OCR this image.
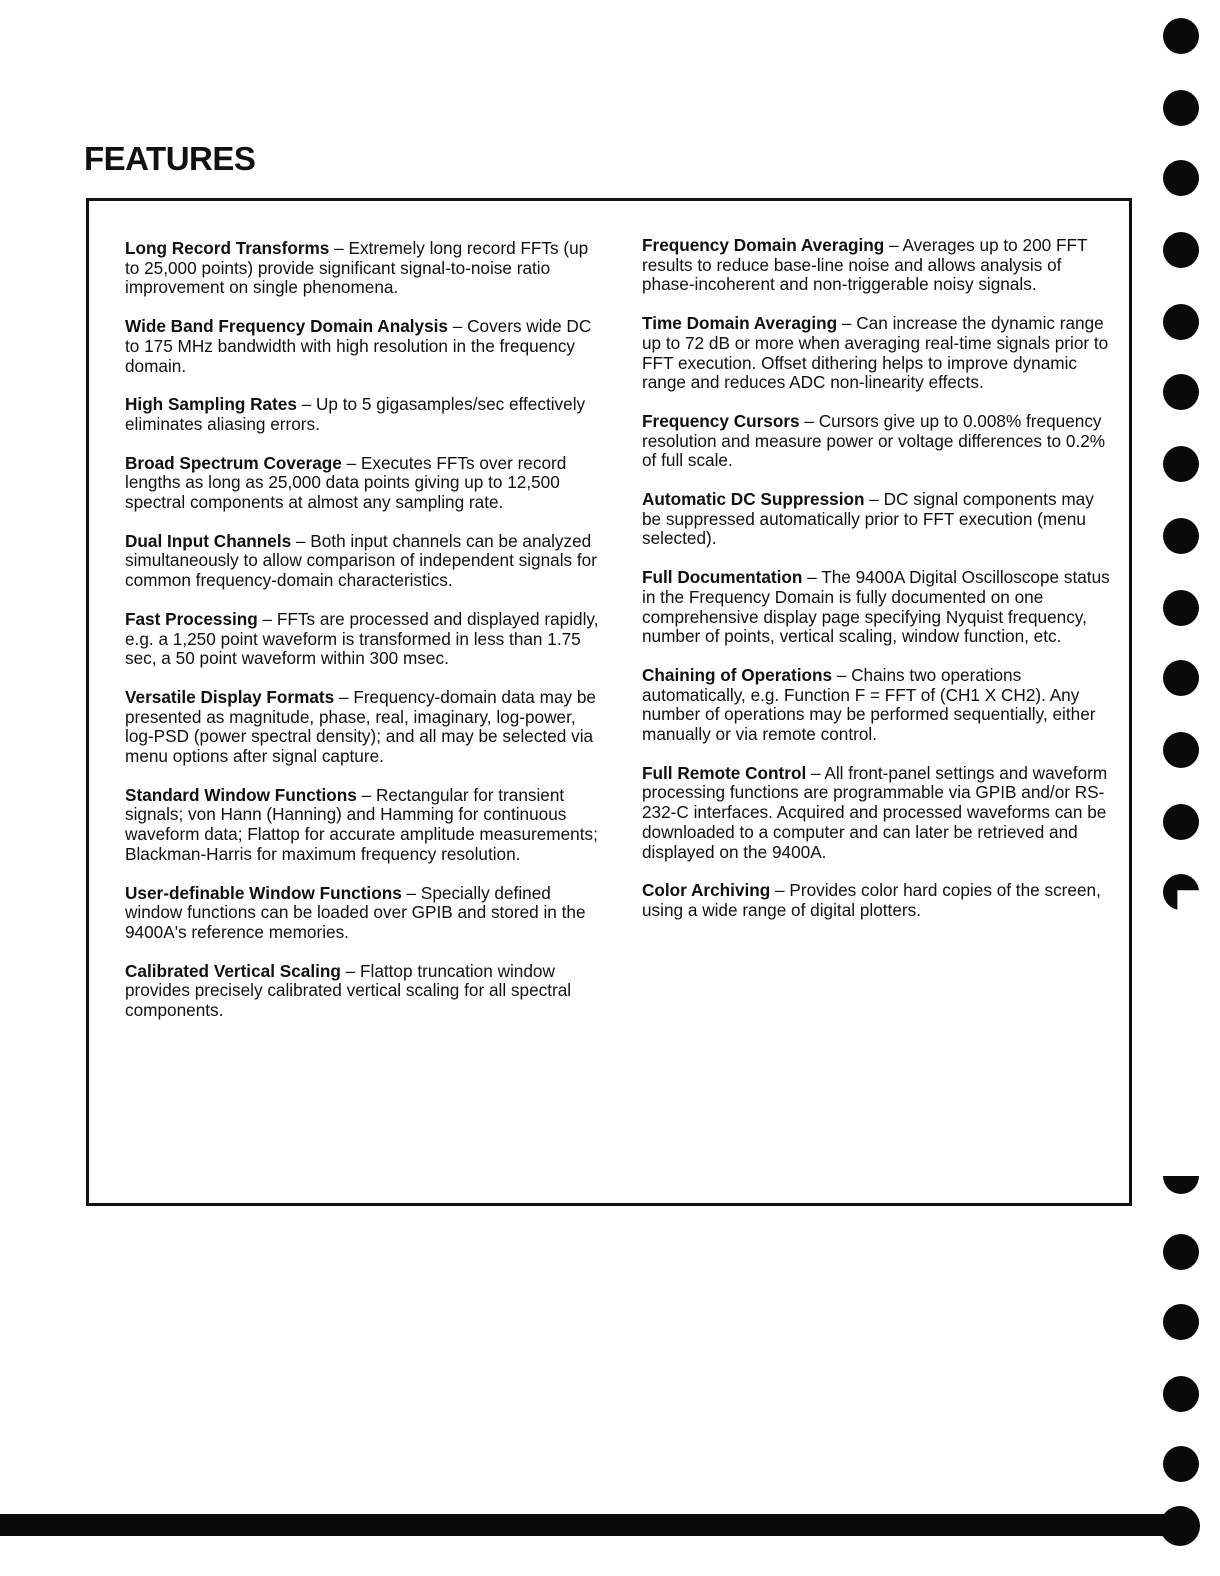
FEATURES

Long Record Transforms – Extremely long record FFTs (up to 25,000 points) provide significant signal-to-noise ratio improvement on single phenomena.

Wide Band Frequency Domain Analysis – Covers wide DC to 175 MHz bandwidth with high resolution in the frequency domain.

High Sampling Rates – Up to 5 gigasamples/sec effectively eliminates aliasing errors.

Broad Spectrum Coverage – Executes FFTs over record lengths as long as 25,000 data points giving up to 12,500 spectral components at almost any sampling rate.

Dual Input Channels – Both input channels can be analyzed simultaneously to allow comparison of independent signals for common frequency-domain characteristics.

Fast Processing – FFTs are processed and displayed rapidly, e.g. a 1,250 point waveform is transformed in less than 1.75 sec, a 50 point waveform within 300 msec.

Versatile Display Formats – Frequency-domain data may be presented as magnitude, phase, real, imaginary, log-power, log-PSD (power spectral density); and all may be selected via menu options after signal capture.

Standard Window Functions – Rectangular for transient signals; von Hann (Hanning) and Hamming for continuous waveform data; Flattop for accurate amplitude measurements; Blackman-Harris for maximum frequency resolution.

User-definable Window Functions – Specially defined window functions can be loaded over GPIB and stored in the 9400A's reference memories.

Calibrated Vertical Scaling – Flattop truncation window provides precisely calibrated vertical scaling for all spectral components.

Frequency Domain Averaging – Averages up to 200 FFT results to reduce base-line noise and allows analysis of phase-incoherent and non-triggerable noisy signals.

Time Domain Averaging – Can increase the dynamic range up to 72 dB or more when averaging real-time signals prior to FFT execution. Offset dithering helps to improve dynamic range and reduces ADC non-linearity effects.

Frequency Cursors – Cursors give up to 0.008% frequency resolution and measure power or voltage differences to 0.2% of full scale.

Automatic DC Suppression – DC signal components may be suppressed automatically prior to FFT execution (menu selected).

Full Documentation – The 9400A Digital Oscilloscope status in the Frequency Domain is fully documented on one comprehensive display page specifying Nyquist frequency, number of points, vertical scaling, window function, etc.

Chaining of Operations – Chains two operations automatically, e.g. Function F = FFT of (CH1 X CH2). Any number of operations may be performed sequentially, either manually or via remote control.

Full Remote Control – All front-panel settings and waveform processing functions are programmable via GPIB and/or RS-232-C interfaces. Acquired and processed waveforms can be downloaded to a computer and can later be retrieved and displayed on the 9400A.

Color Archiving – Provides color hard copies of the screen, using a wide range of digital plotters.
